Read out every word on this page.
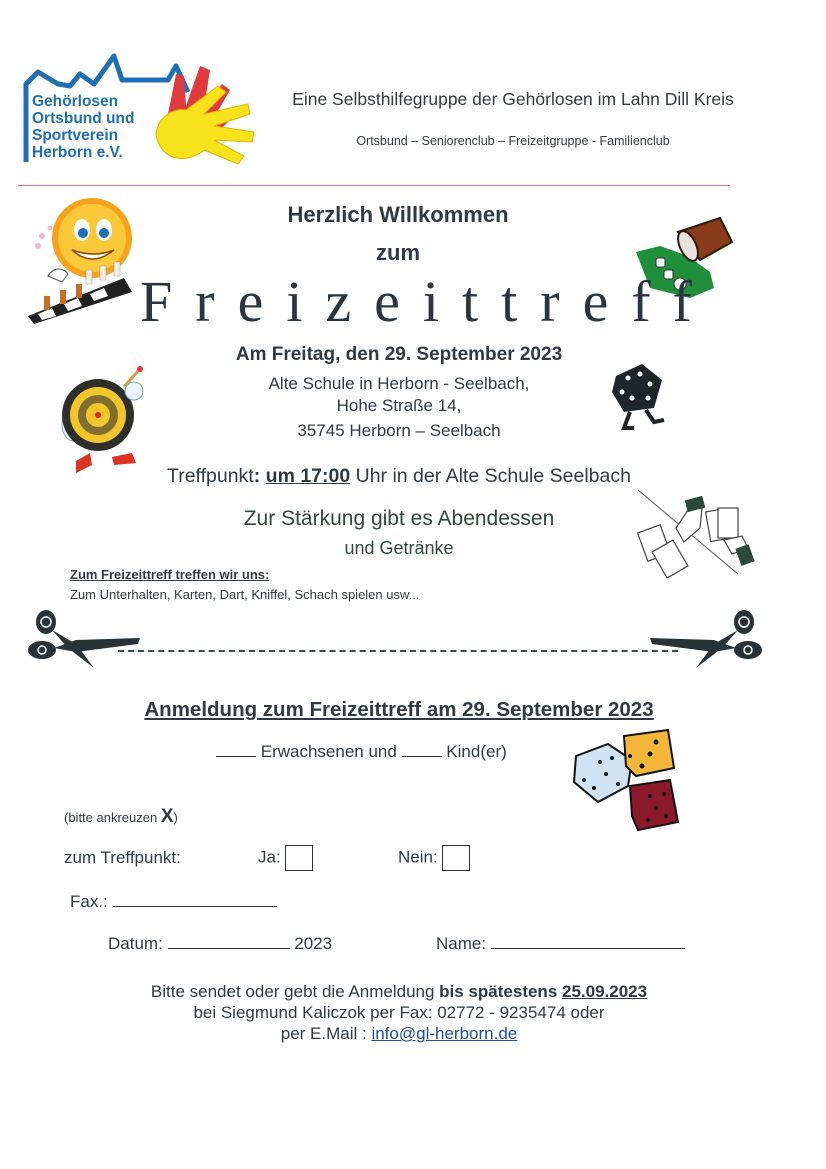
Gehörlosen
Ortsbund und
Sportverein
Herborn e.V.
Eine Selbsthilfegruppe der Gehörlosen im Lahn Dill Kreis
Ortsbund – Seniorenclub – Freizeitgruppe - Familienclub
Herzlich Willkommen
zum
Freizeittreff
Am Freitag, den 29. September 2023
Alte Schule in Herborn - Seelbach,
Hohe Straße 14,
35745 Herborn – Seelbach
Treffpunkt: um 17:00 Uhr in der Alte Schule Seelbach
Zur Stärkung gibt es Abendessen
und Getränke
Zum Freizeittreff treffen wir uns:
Zum Unterhalten, Karten, Dart, Kniffel, Schach spielen usw...
Anmeldung zum Freizeittreff am 29. September 2023
Erwachsenen und	Kind(er)
(bitte ankreuzen X)
zum Treffpunkt:	Ja:	Nein:
Fax.:
Datum:	2023	Name:
Bitte sendet oder gebt die Anmeldung bis spätestens 25.09.2023
bei Siegmund Kaliczok per Fax: 02772 - 9235474 oder
per E.Mail : info@gl-herborn.de
